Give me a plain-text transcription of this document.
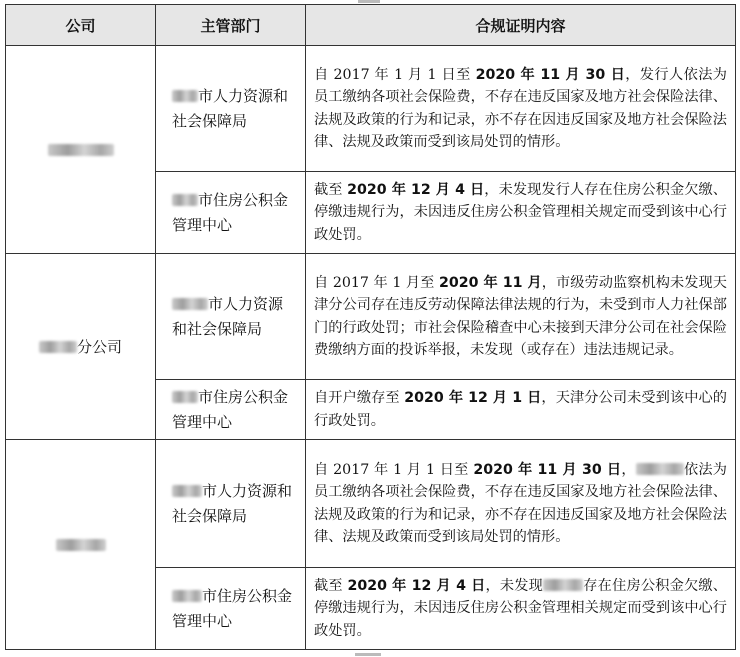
公司	主管部门	合规证明内容
	市人力资源和社会保障局	自 2017 年 1 月 1 日至 2020 年 11 月 30 日，发行人依法为员工缴纳各项社会保险费，不存在违反国家及地方社会保险法律、法规及政策的行为和记录，亦不存在因违反国家及地方社会保险法律、法规及政策而受到该局处罚的情形。
	市住房公积金管理中心	截至 2020 年 12 月 4 日，未发现发行人存在住房公积金欠缴、停缴违规行为，未因违反住房公积金管理相关规定而受到该中心行政处罚。
分公司	市人力资源和社会保障局	自 2017 年 1 月至 2020 年 11 月，市级劳动监察机构未发现天津分公司存在违反劳动保障法律法规的行为，未受到市人力社保部门的行政处罚；市社会保险稽查中心未接到天津分公司在社会保险费缴纳方面的投诉举报，未发现（或存在）违法违规记录。
	市住房公积金管理中心	自开户缴存至 2020 年 12 月 1 日，天津分公司未受到该中心的行政处罚。
	市人力资源和社会保障局	自 2017 年 1 月 1 日至 2020 年 11 月 30 日， 依法为员工缴纳各项社会保险费，不存在违反国家及地方社会保险法律、法规及政策的行为和记录，亦不存在因违反国家及地方社会保险法律、法规及政策而受到该局处罚的情形。
	市住房公积金管理中心	截至 2020 年 12 月 4 日，未发现 存在住房公积金欠缴、停缴违规行为，未因违反住房公积金管理相关规定而受到该中心行政处罚。
